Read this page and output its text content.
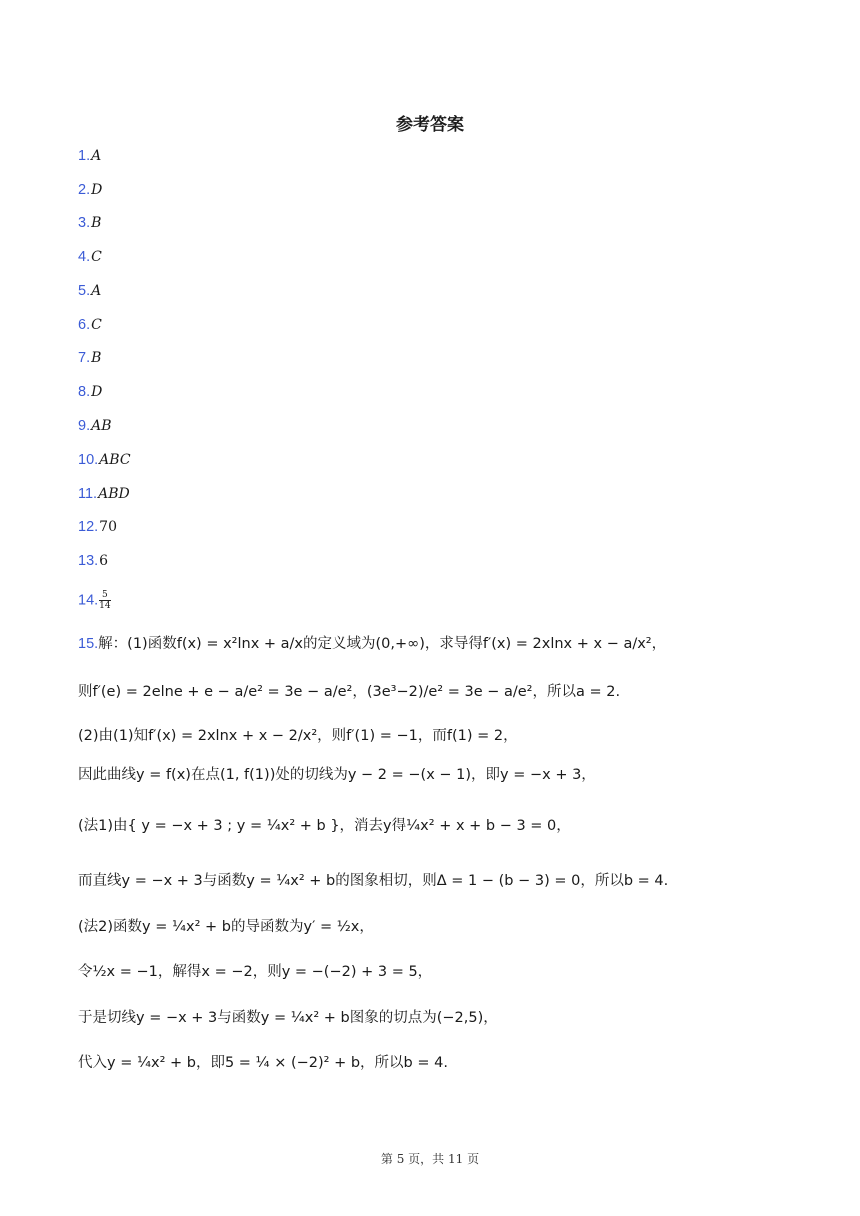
参考答案
1.A
2.D
3.B
4.C
5.A
6.C
7.B
8.D
9.AB
10.ABC
11.ABD
12.70
13.6
14. $\frac{5}{14}$
15.解：(1)函数f(x) = x²lnx + a/x的定义域为(0,+∞)，求导得f′(x) = 2xlnx + x − a/x²，
则f′(e) = 2elne + e − a/e² = 3e − a/e²，(3e³−2)/e² = 3e − a/e²，所以a = 2.
(2)由(1)知f′(x) = 2xlnx + x − 2/x²，则f′(1) = −1，而f(1) = 2，
因此曲线y = f(x)在点(1, f(1))处的切线为y − 2 = −(x − 1)，即y = −x + 3，
(法1)由{ y = −x + 3 ; y = ¼x² + b }，消去y得¼x² + x + b − 3 = 0，
而直线y = −x + 3与函数y = ¼x² + b的图象相切，则Δ = 1 − (b − 3) = 0，所以b = 4.
(法2)函数y = ¼x² + b的导函数为y′ = ½x，
令½x = −1，解得x = −2，则y = −(−2) + 3 = 5，
于是切线y = −x + 3与函数y = ¼x² + b图象的切点为(−2,5)，
代入y = ¼x² + b，即5 = ¼ × (−2)² + b，所以b = 4.
第 5 页，共 11 页
